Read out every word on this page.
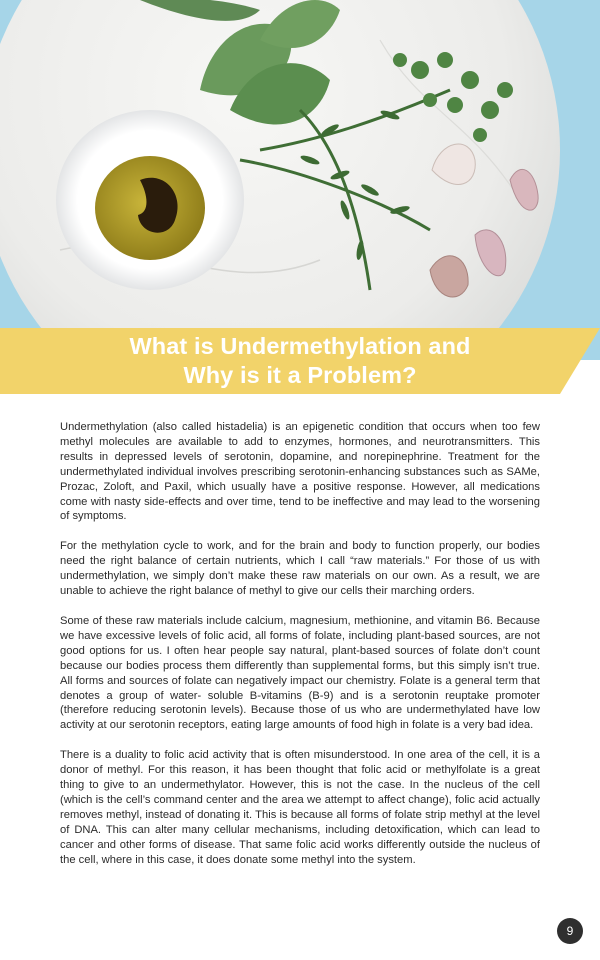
What is Undermethylation and
Why is it a Problem?

Undermethylation (also called histadelia) is an epigenetic condition that occurs when too few methyl molecules are available to add to enzymes, hormones, and neurotransmitters. This results in depressed levels of serotonin, dopamine, and norepinephrine. Treatment for the undermethylated individual involves prescribing serotonin-enhancing substances such as SAMe, Prozac, Zoloft, and Paxil, which usually have a positive response. However, all medications come with nasty side-effects and over time, tend to be ineffective and may lead to the worsening of symptoms.

For the methylation cycle to work, and for the brain and body to function properly, our bodies need the right balance of certain nutrients, which I call “raw materials.” For those of us with undermethylation, we simply don’t make these raw materials on our own. As a result, we are unable to achieve the right balance of methyl to give our cells their marching orders.

Some of these raw materials include calcium, magnesium, methionine, and vitamin B6. Because we have excessive levels of folic acid, all forms of folate, including plant-based sources, are not good options for us. I often hear people say natural, plant-based sources of folate don’t count because our bodies process them differently than supplemental forms, but this simply isn’t true. All forms and sources of folate can negatively impact our chemistry. Folate is a general term that denotes a group of water- soluble B-vitamins (B-9) and is a serotonin reuptake promoter (therefore reducing serotonin levels). Because those of us who are undermethylated have low activity at our serotonin receptors, eating large amounts of food high in folate is a very bad idea.

There is a duality to folic acid activity that is often misunderstood. In one area of the cell, it is a donor of methyl. For this reason, it has been thought that folic acid or methylfolate is a great thing to give to an undermethylator. However, this is not the case. In the nucleus of the cell (which is the cell’s command center and the area we attempt to affect change), folic acid actually removes methyl, instead of donating it. This is because all forms of folate strip methyl at the level of DNA. This can alter many cellular mechanisms, including detoxification, which can lead to cancer and other forms of disease. That same folic acid works differently outside the nucleus of the cell, where in this case, it does donate some methyl into the system.

9
